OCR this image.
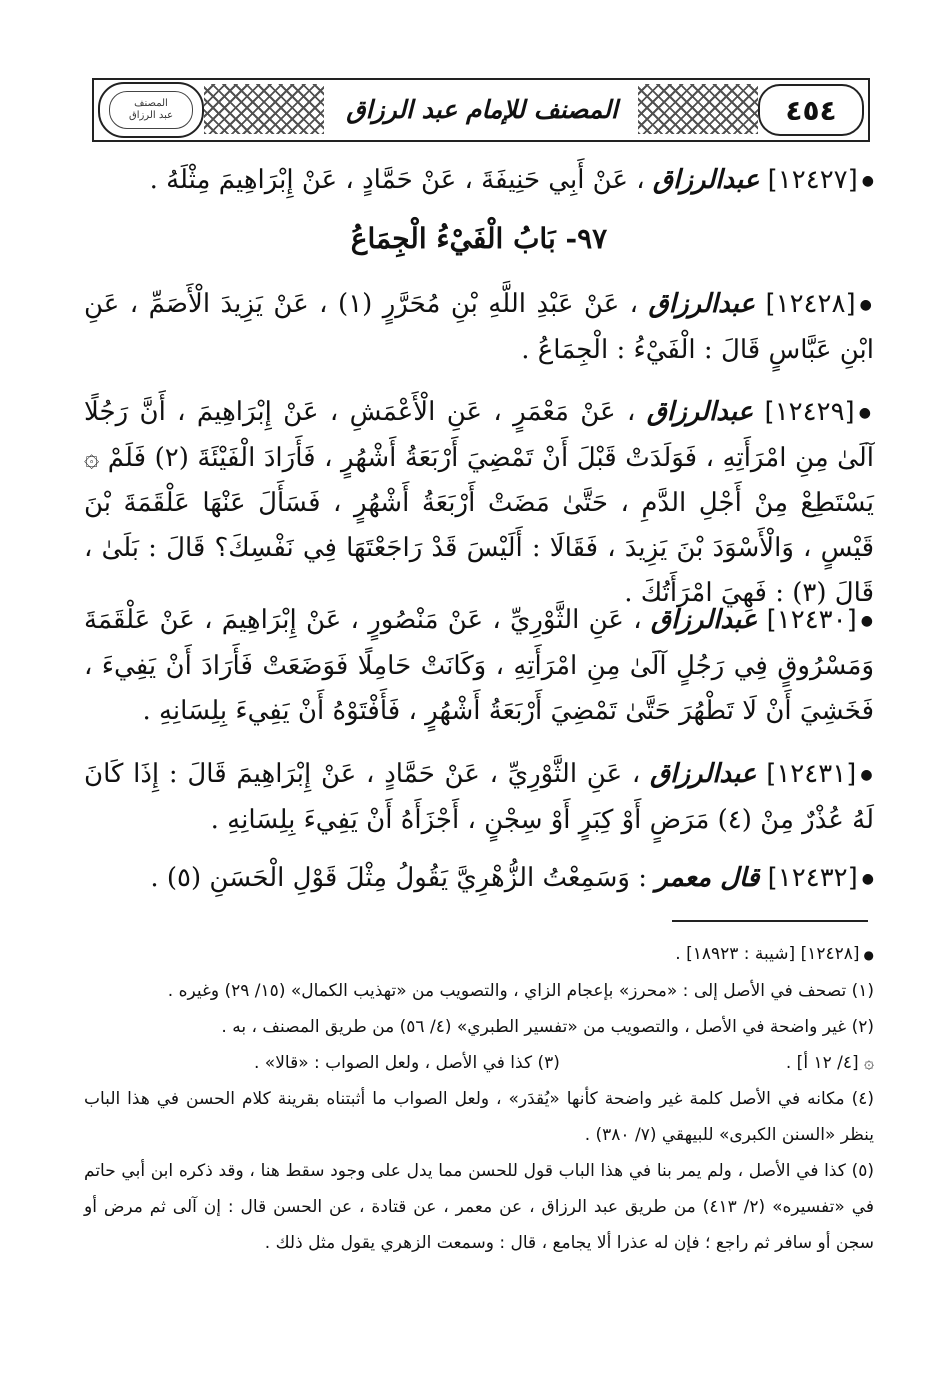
٤٥٤
المصنف للإمام عبد الرزاق
المصنف
عبد الرزاق
●[١٢٤٢٧] عبدالرزاق ، عَنْ أَبِي حَنِيفَةَ ، عَنْ حَمَّادٍ ، عَنْ إِبْرَاهِيمَ مِثْلَهُ .
٩٧- بَابُ الْفَيْءُ الْجِمَاعُ
●[١٢٤٢٨] عبدالرزاق ، عَنْ عَبْدِ اللَّهِ بْنِ مُحَرَّرٍ (١) ، عَنْ يَزِيدَ الْأَصَمِّ ، عَنِ ابْنِ عَبَّاسٍ قَالَ : الْفَيْءُ : الْجِمَاعُ .
●[١٢٤٢٩] عبدالرزاق ، عَنْ مَعْمَرٍ ، عَنِ الْأَعْمَشِ ، عَنْ إِبْرَاهِيمَ ، أَنَّ رَجُلًا آلَىٰ مِنِ امْرَأَتِهِ ، فَوَلَدَتْ قَبْلَ أَنْ تَمْضِيَ أَرْبَعَةُ أَشْهُرٍ ، فَأَرَادَ الْفَيْئَةَ (٢) فَلَمْ ۞ يَسْتَطِعْ مِنْ أَجْلِ الدَّمِ ، حَتَّىٰ مَضَتْ أَرْبَعَةُ أَشْهُرٍ ، فَسَأَلَ عَنْهَا عَلْقَمَةَ بْنَ قَيْسٍ ، وَالْأَسْوَدَ بْنَ يَزِيدَ ، فَقَالَا : أَلَيْسَ قَدْ رَاجَعْتَهَا فِي نَفْسِكَ؟ قَالَ : بَلَىٰ ، قَالَ (٣) : فَهِيَ امْرَأَتُكَ .
●[١٢٤٣٠] عبدالرزاق ، عَنِ الثَّوْرِيِّ ، عَنْ مَنْصُورٍ ، عَنْ إِبْرَاهِيمَ ، عَنْ عَلْقَمَةَ وَمَسْرُوقٍ فِي رَجُلٍ آلَىٰ مِنِ امْرَأَتِهِ ، وَكَانَتْ حَامِلًا فَوَضَعَتْ فَأَرَادَ أَنْ يَفِيءَ ، فَخَشِيَ أَنْ لَا تَطْهُرَ حَتَّىٰ تَمْضِيَ أَرْبَعَةُ أَشْهُرٍ ، فَأَفْتَوْهُ أَنْ يَفِيءَ بِلِسَانِهِ .
●[١٢٤٣١] عبدالرزاق ، عَنِ الثَّوْرِيِّ ، عَنْ حَمَّادٍ ، عَنْ إِبْرَاهِيمَ قَالَ : إِذَا كَانَ لَهُ عُذْرٌ مِنْ (٤) مَرَضٍ أَوْ كِبَرٍ أَوْ سِجْنٍ ، أَجْزَأَهُ أَنْ يَفِيءَ بِلِسَانِهِ .
●[١٢٤٣٢] قال معمر : وَسَمِعْتُ الزُّهْرِيَّ يَقُولُ مِثْلَ قَوْلِ الْحَسَنِ (٥) .
●[١٢٤٢٨] [شيبة : ١٨٩٢٣] .
(١) تصحف في الأصل إلى : «محرز» بإعجام الزاي ، والتصويب من «تهذيب الكمال» (١٥/ ٢٩) وغيره .
(٢) غير واضحة في الأصل ، والتصويب من «تفسير الطبري» (٤/ ٥٦) من طريق المصنف ، به .
۞ [٤/ ١٢ أ] .
(٣) كذا في الأصل ، ولعل الصواب : «قالا» .
(٤) مكانه في الأصل كلمة غير واضحة كأنها «يُقدَر» ، ولعل الصواب ما أثبتناه بقرينة كلام الحسن في هذا الباب ينظر «السنن الكبرى» للبيهقي (٧/ ٣٨٠) .
(٥) كذا في الأصل ، ولم يمر بنا في هذا الباب قول للحسن مما يدل على وجود سقط هنا ، وقد ذكره ابن أبي حاتم في «تفسيره» (٢/ ٤١٣) من طريق عبد الرزاق ، عن معمر ، عن قتادة ، عن الحسن قال : إن آلى ثم مرض أو سجن أو سافر ثم راجع ؛ فإن له عذرا ألا يجامع ، قال : وسمعت الزهري يقول مثل ذلك .
